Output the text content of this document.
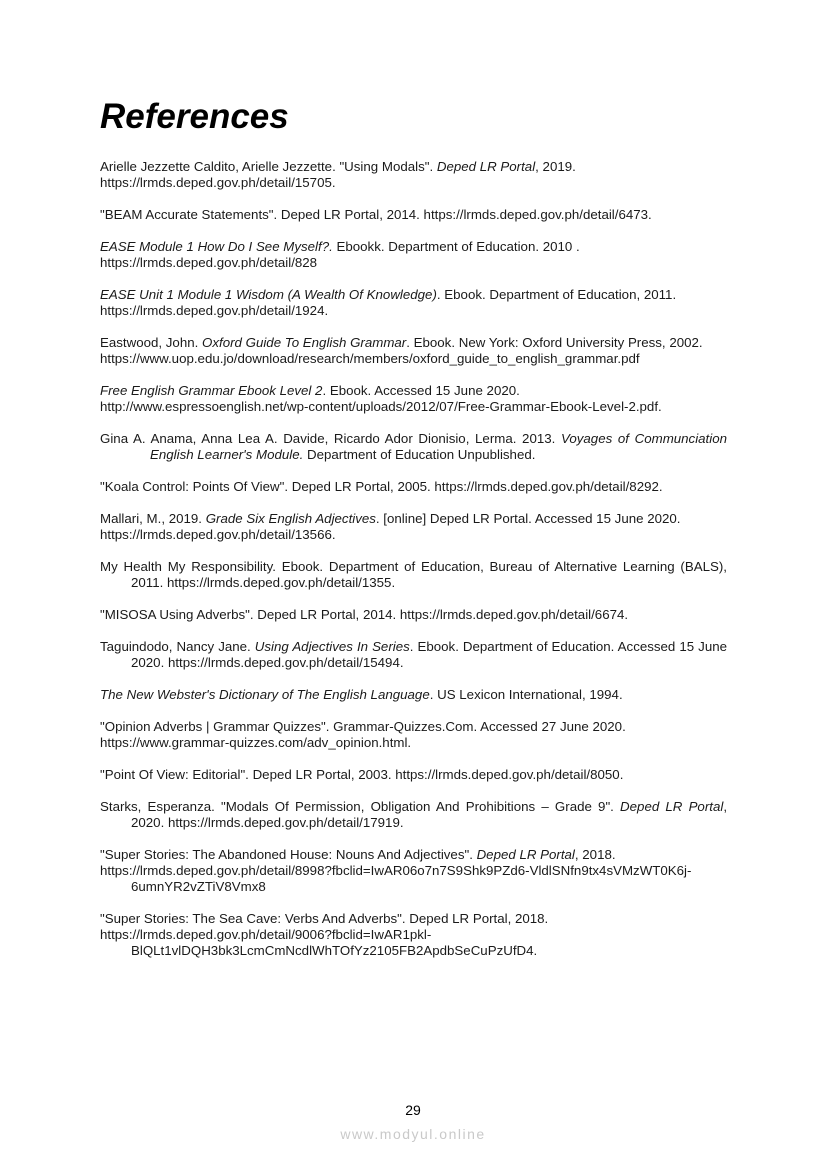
References

Arielle Jezzette Caldito, Arielle Jezzette. "Using Modals". Deped LR Portal, 2019.
https://lrmds.deped.gov.ph/detail/15705.

"BEAM Accurate Statements". Deped LR Portal, 2014. https://lrmds.deped.gov.ph/detail/6473.

EASE Module 1 How Do I See Myself?. Ebookk. Department of Education. 2010 .
https://lrmds.deped.gov.ph/detail/828

EASE Unit 1 Module 1 Wisdom (A Wealth Of Knowledge). Ebook. Department of Education, 2011.
https://lrmds.deped.gov.ph/detail/1924.

Eastwood, John. Oxford Guide To English Grammar. Ebook. New York: Oxford University Press, 2002.
https://www.uop.edu.jo/download/research/members/oxford_guide_to_english_grammar.pdf

Free English Grammar Ebook Level 2. Ebook. Accessed 15 June 2020.
http://www.espressoenglish.net/wp-content/uploads/2012/07/Free-Grammar-Ebook-Level-2.pdf.

Gina A. Anama, Anna Lea A. Davide, Ricardo Ador Dionisio, Lerma. 2013. Voyages of Communciation English Learner's Module. Department of Education Unpublished.

"Koala Control: Points Of View". Deped LR Portal, 2005. https://lrmds.deped.gov.ph/detail/8292.

Mallari, M., 2019. Grade Six English Adjectives. [online] Deped LR Portal. Accessed 15 June 2020.
https://lrmds.deped.gov.ph/detail/13566.

My Health My Responsibility. Ebook. Department of Education, Bureau of Alternative Learning (BALS), 2011. https://lrmds.deped.gov.ph/detail/1355.

"MISOSA Using Adverbs". Deped LR Portal, 2014. https://lrmds.deped.gov.ph/detail/6674.

Taguindodo, Nancy Jane. Using Adjectives In Series. Ebook. Department of Education. Accessed 15 June 2020. https://lrmds.deped.gov.ph/detail/15494.

The New Webster's Dictionary of The English Language. US Lexicon International, 1994.

"Opinion Adverbs | Grammar Quizzes". Grammar-Quizzes.Com. Accessed 27 June 2020.
https://www.grammar-quizzes.com/adv_opinion.html.

"Point Of View: Editorial". Deped LR Portal, 2003. https://lrmds.deped.gov.ph/detail/8050.

Starks, Esperanza. "Modals Of Permission, Obligation And Prohibitions – Grade 9". Deped LR Portal, 2020. https://lrmds.deped.gov.ph/detail/17919.

"Super Stories: The Abandoned House: Nouns And Adjectives". Deped LR Portal, 2018.
https://lrmds.deped.gov.ph/detail/8998?fbclid=IwAR06o7n7S9Shk9PZd6-VldlSNfn9tx4sVMzWT0K6j-6umnYR2vZTiV8Vmx8

"Super Stories: The Sea Cave: Verbs And Adverbs". Deped LR Portal, 2018.
https://lrmds.deped.gov.ph/detail/9006?fbclid=IwAR1pkl-BlQLt1vlDQH3bk3LcmCmNcdlWhTOfYz2105FB2ApdbSeCuPzUfD4.

29
www.modyul.online
